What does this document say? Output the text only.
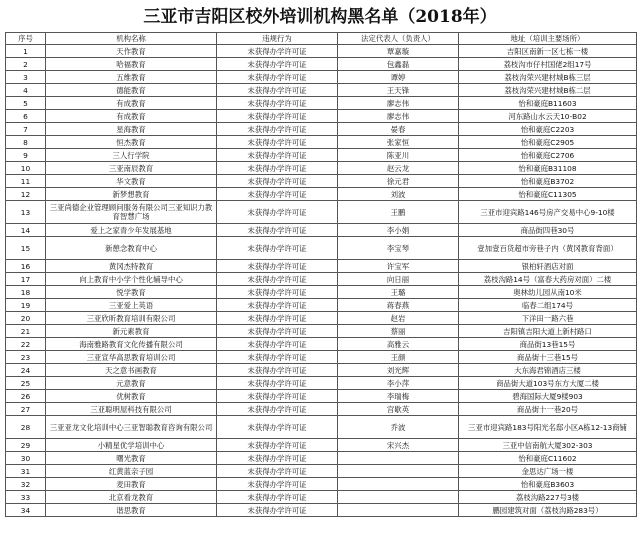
三亚市吉阳区校外培训机构黑名单（2018年）
序号	机构名称	违规行为	法定代表人（负责人）	地址（培训主要场所）
1	天作教育	未获得办学许可证	覃嘉璇	吉阳区南新一区七栋一楼
2	哈福教育	未获得办学许可证	包鑫磊	荔枝沟市仔村国佬2组17号
3	五维教育	未获得办学许可证	谭婷	荔枝沟荣兴建材城B栋三层
4	德能教育	未获得办学许可证	王天锋	荔枝沟荣兴建材城B栋二层
5	有成教育	未获得办学许可证	廖志伟	怡和豪庭B11603
6	有成教育	未获得办学许可证	廖志伟	河东路山水云天10-B02
7	星海教育	未获得办学许可证	晏春	怡和豪庭C2203
8	恒杰教育	未获得办学许可证	张家恒	怡和豪庭C2905
9	三人行学院	未获得办学许可证	陈亚川	怡和豪庭C2706
10	三亚南辰教育	未获得办学许可证	赵云龙	怡和豪庭B31108
11	华文教育	未获得办学许可证	徐元君	怡和豪庭B3702
12	新梦想教育	未获得办学许可证	刘波	怡和豪庭C11305
13	三亚尚德企业管理顾问服务有限公司三亚知识力教育智慧广场	未获得办学许可证	王鹏	三亚市迎宾路146号房产交易中心9-10楼
14	爱上之家青少年发展基地	未获得办学许可证	李小娟	商品街四巷30号
15	新憩念教育中心	未获得办学许可证	李宝琴	壹加壹百货超市旁巷子内（黄冈教育背面）
16	黄冈杰特教育	未获得办学许可证	许宝军	银柏轩酒店对面
17	向上教育中小学个性化辅导中心	未获得办学许可证	向日丽	荔枝沟路14号（富春大药房对面）二楼
18	悦学教育	未获得办学许可证	王璐	奥林幼儿园从南10米
19	三亚爱上英语	未获得办学许可证	蒋春燕	临春二组174号
20	三亚欣昕教育培训有限公司	未获得办学许可证	赵岩	下洋田一路六巷
21	新元素教育	未获得办学许可证	蔡丽	吉阳镇吉阳大道上新村路口
22	海南雅路教育文化传播有限公司	未获得办学许可证	高雅云	商品街13巷15号
23	三亚宣华高思教育培训公司	未获得办学许可证	王颜	商品街十三巷15号
24	天之意书画教育	未获得办学许可证	刘光辉	大东海君锦酒店三楼
25	元意教育	未获得办学许可证	李小萍	商品街大道103号东方大厦二楼
26	优树教育	未获得办学许可证	李瑞梅	碧海国际大厦9楼903
27	三亚聪明屋科技有限公司	未获得办学许可证	宫歇英	商品街十一巷20号
28	三亚亚龙文化培训中心三亚智聪教育咨询有限公司	未获得办学许可证	乔波	三亚市迎宾路183号阳光名邸小区A栋12-13商铺
29	小精星优学培训中心	未获得办学许可证	宋兴杰	三亚中信南航大厦302-303
30	曙光教育	未获得办学许可证		怡和豪庭C11602
31	红黄蓝亲子园	未获得办学许可证		金思达广场一楼
32	麦田教育	未获得办学许可证		怡和豪庭B3603
33	北京看龙教育	未获得办学许可证		荔枝沟路227号3楼
34	谐思教育	未获得办学许可证		鹏园建筑对面（荔枝沟路283号）
